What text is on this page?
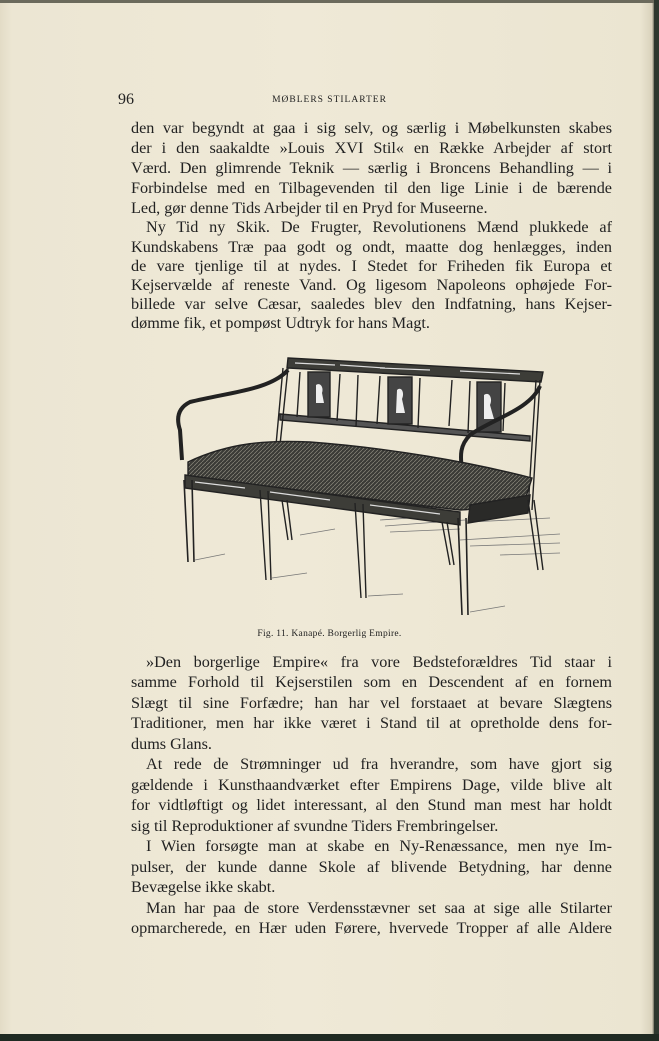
96	MØBLERS STILARTER
den var begyndt at gaa i sig selv, og særlig i Møbelkunsten skabes
der i den saakaldte »Louis XVI Stil« en Række Arbejder af stort
Værd. Den glimrende Teknik — særlig i Broncens Behandling — i
Forbindelse med en Tilbagevenden til den lige Linie i de bærende
Led, gør denne Tids Arbejder til en Pryd for Museerne.
Ny Tid ny Skik. De Frugter, Revolutionens Mænd plukkede af
Kundskabens Træ paa godt og ondt, maatte dog henlægges, inden
de vare tjenlige til at nydes. I Stedet for Friheden fik Europa et
Kejservælde af reneste Vand. Og ligesom Napoleons ophøjede For-
billede var selve Cæsar, saaledes blev den Indfatning, hans Kejser-
dømme fik, et pompøst Udtryk for hans Magt.
Fig. 11. Kanapé. Borgerlig Empire.
»Den borgerlige Empire« fra vore Bedsteforældres Tid staar i
samme Forhold til Kejserstilen som en Descendent af en fornem
Slægt til sine Forfædre; han har vel forstaaet at bevare Slægtens
Traditioner, men har ikke været i Stand til at opretholde dens for-
dums Glans.
At rede de Strømninger ud fra hverandre, som have gjort sig
gældende i Kunsthaandværket efter Empirens Dage, vilde blive alt
for vidtløftigt og lidet interessant, al den Stund man mest har holdt
sig til Reproduktioner af svundne Tiders Frembringelser.
I Wien forsøgte man at skabe en Ny-Renæssance, men nye Im-
pulser, der kunde danne Skole af blivende Betydning, har denne
Bevægelse ikke skabt.
Man har paa de store Verdensstævner set saa at sige alle Stilarter
opmarcherede, en Hær uden Førere, hvervede Tropper af alle Aldere
